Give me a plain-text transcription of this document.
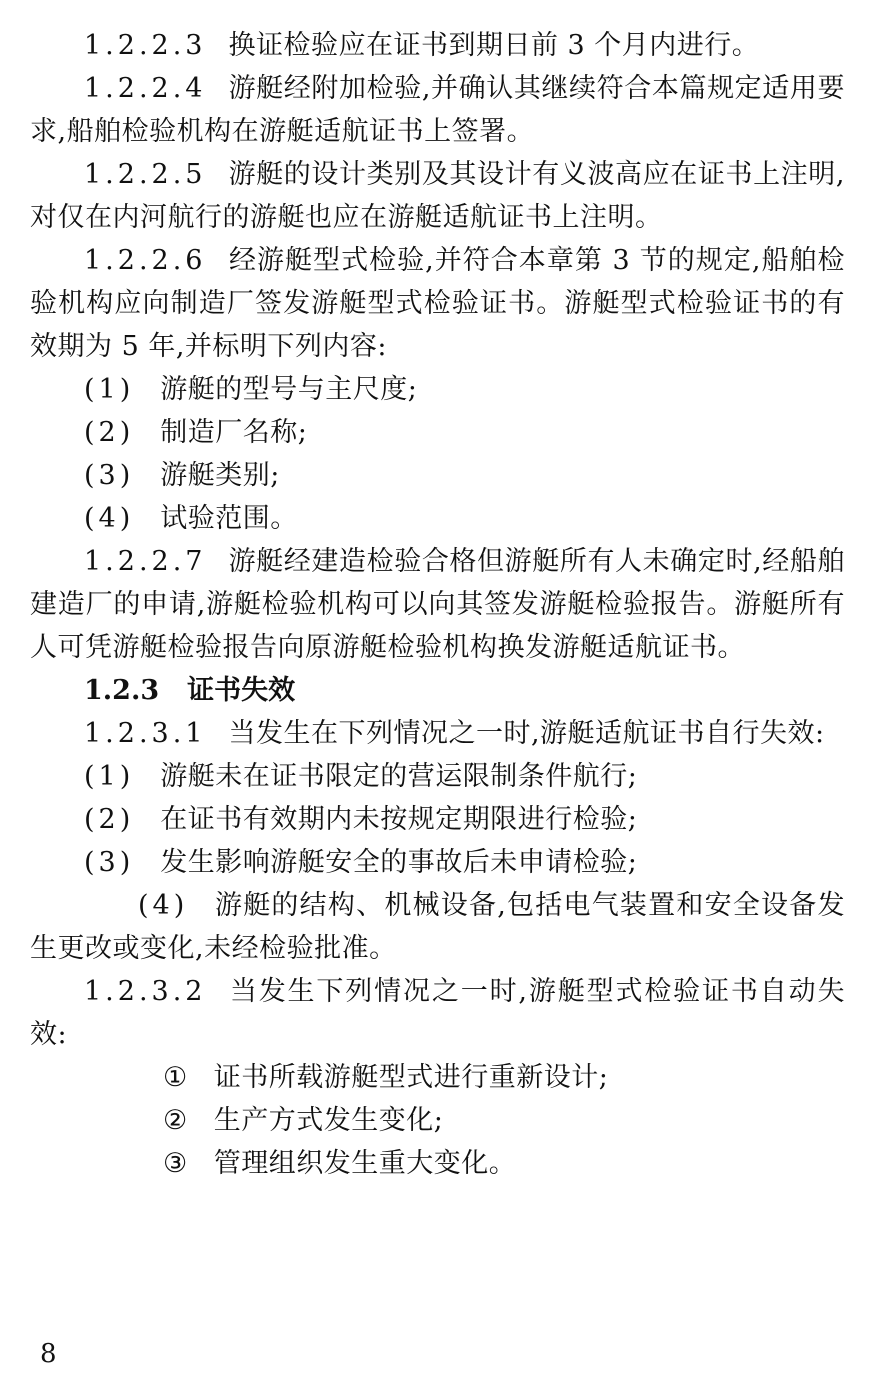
1.2.2.3 换证检验应在证书到期日前 3 个月内进行。

1.2.2.4 游艇经附加检验,并确认其继续符合本篇规定适用要求,船舶检验机构在游艇适航证书上签署。

1.2.2.5 游艇的设计类别及其设计有义波高应在证书上注明,对仅在内河航行的游艇也应在游艇适航证书上注明。

1.2.2.6 经游艇型式检验,并符合本章第 3 节的规定,船舶检验机构应向制造厂签发游艇型式检验证书。游艇型式检验证书的有效期为 5 年,并标明下列内容:

(1) 游艇的型号与主尺度;

(2) 制造厂名称;

(3) 游艇类别;

(4) 试验范围。

1.2.2.7 游艇经建造检验合格但游艇所有人未确定时,经船舶建造厂的申请,游艇检验机构可以向其签发游艇检验报告。游艇所有人可凭游艇检验报告向原游艇检验机构换发游艇适航证书。

1.2.3 证书失效

1.2.3.1 当发生在下列情况之一时,游艇适航证书自行失效:

(1) 游艇未在证书限定的营运限制条件航行;

(2) 在证书有效期内未按规定期限进行检验;

(3) 发生影响游艇安全的事故后未申请检验;

(4) 游艇的结构、机械设备,包括电气装置和安全设备发生更改或变化,未经检验批准。

1.2.3.2 当发生下列情况之一时,游艇型式检验证书自动失效:

① 证书所载游艇型式进行重新设计;

② 生产方式发生变化;

③ 管理组织发生重大变化。

8
